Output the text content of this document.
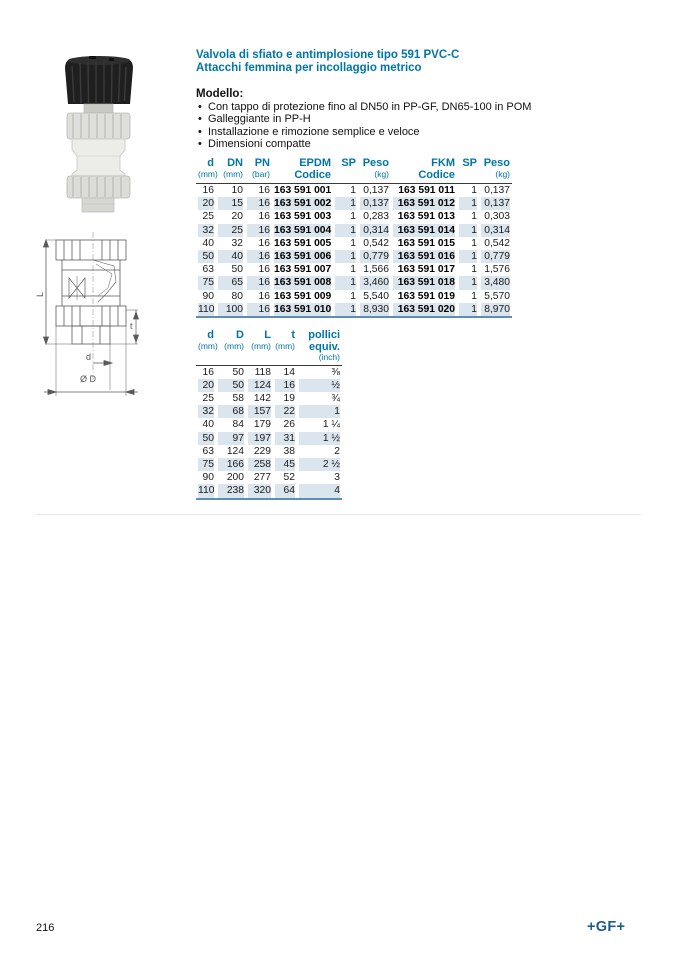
L
t
d
Ø D
Valvola di sfiato e antimplosione tipo 591 PVC-C
Attacchi femmina per incollaggio metrico
Modello:
• Con tappo di protezione fino al DN50 in PP-GF, DN65-100 in POM
• Galleggiante in PP-H
• Installazione e rimozione semplice e veloce
• Dimensioni compatte
d
(mm)

DN
(mm)

PN
(bar)

EPDM
Codice

SP	Peso
(kg)

FKM
Codice

SP	Peso
(kg)

16	10	16	163 591 001	1	0,137	163 591 011	1	0,137
20	15	16	163 591 002	1	0,137	163 591 012	1	0,137
25	20	16	163 591 003	1	0,283	163 591 013	1	0,303
32	25	16	163 591 004	1	0,314	163 591 014	1	0,314
40	32	16	163 591 005	1	0,542	163 591 015	1	0,542
50	40	16	163 591 006	1	0,779	163 591 016	1	0,779
63	50	16	163 591 007	1	1,566	163 591 017	1	1,576
75	65	16	163 591 008	1	3,460	163 591 018	1	3,480
90	80	16	163 591 009	1	5,540	163 591 019	1	5,570
110	100	16	163 591 010	1	8,930	163 591 020	1	8,970
d
(mm)

D
(mm)

L
(mm)

t
(mm)

pollici
equiv.
(inch)

16	50	118	14	⅜
20	50	124	16	½
25	58	142	19	¾
32	68	157	22	1
40	84	179	26	1 ¼
50	97	197	31	1 ½
63	124	229	38	2
75	166	258	45	2 ½
90	200	277	52	3
110	238	320	64	4
216	+GF+
